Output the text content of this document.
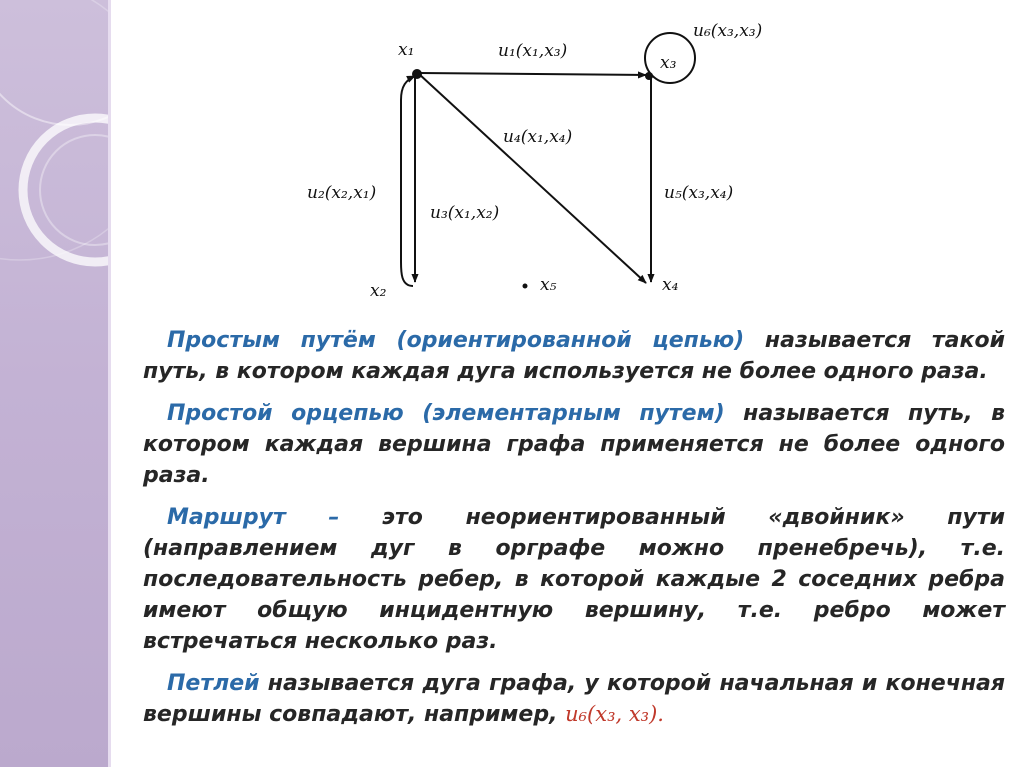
x₁
x₂
x₃
x₄
x₅
u₁(x₁,x₃)
u₂(x₂,x₁)
u₃(x₁,x₂)
u₄(x₁,x₄)
u₅(x₃,x₄)
u₆(x₃,x₃)

Простым путём (ориентированной цепью) называется такой путь, в котором каждая дуга используется не более одного раза.

Простой орцепью (элементарным путем) называется путь, в котором каждая вершина графа применяется не более одного раза.

Маршрут – это неориентированный «двойник» пути (направлением дуг в орграфе можно пренебречь), т.е. последовательность ребер, в которой каждые 2 соседних ребра имеют общую инцидентную вершину, т.е. ребро может встречаться несколько раз.

Петлей называется дуга графа, у которой начальная и конечная вершины совпадают, например, u₆(x₃, x₃).
